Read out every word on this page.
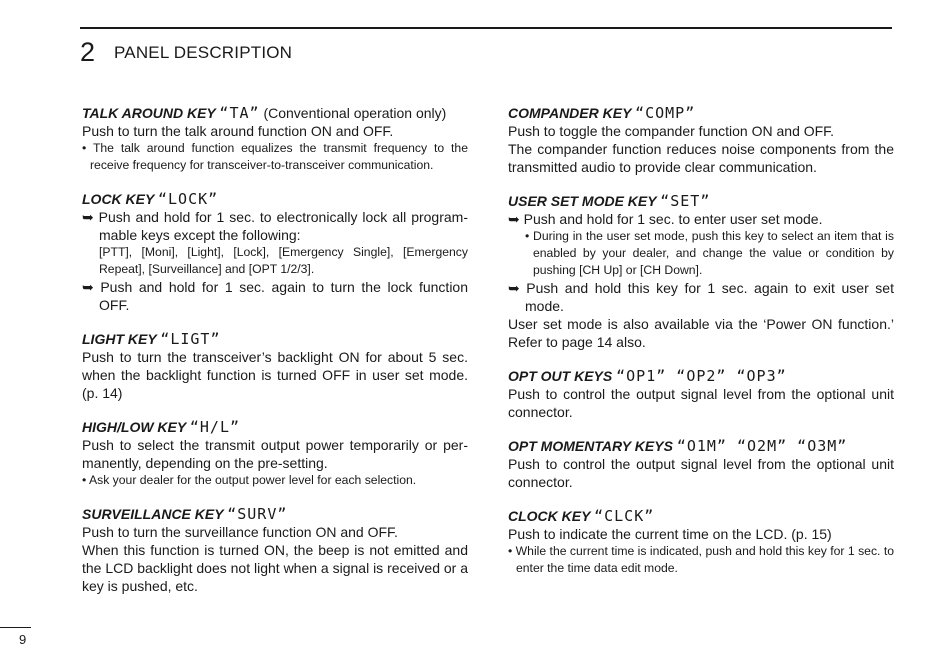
2 PANEL DESCRIPTION
TALK AROUND KEY “TA” (Conventional operation only)
Push to turn the talk around function ON and OFF.
• The talk around function equalizes the transmit frequency to the receive frequency for transceiver-to-transceiver communication.
LOCK KEY “LOCK”
➥ Push and hold for 1 sec. to electronically lock all program-mable keys except the following:
[PTT], [Moni], [Light], [Lock], [Emergency Single], [Emergency Repeat], [Surveillance] and [OPT 1/2/3].
➥ Push and hold for 1 sec. again to turn the lock function OFF.
LIGHT KEY “LIGT”
Push to turn the transceiver’s backlight ON for about 5 sec. when the backlight function is turned OFF in user set mode. (p. 14)
HIGH/LOW KEY “H/L”
Push to select the transmit output power temporarily or per-manently, depending on the pre-setting.
• Ask your dealer for the output power level for each selection.
SURVEILLANCE KEY “SURV”
Push to turn the surveillance function ON and OFF.
When this function is turned ON, the beep is not emitted and the LCD backlight does not light when a signal is received or a key is pushed, etc.
COMPANDER KEY “COMP”
Push to toggle the compander function ON and OFF.
The compander function reduces noise components from the transmitted audio to provide clear communication.
USER SET MODE KEY “SET”
➥ Push and hold for 1 sec. to enter user set mode.
• During in the user set mode, push this key to select an item that is enabled by your dealer, and change the value or condition by pushing [CH Up] or [CH Down].
➥ Push and hold this key for 1 sec. again to exit user set mode.
User set mode is also available via the ‘Power ON function.’ Refer to page 14 also.
OPT OUT KEYS “OP1” “OP2” “OP3”
Push to control the output signal level from the optional unit connector.
OPT MOMENTARY KEYS “O1M” “O2M” “O3M”
Push to control the output signal level from the optional unit connector.
CLOCK KEY “CLCK”
Push to indicate the current time on the LCD. (p. 15)
• While the current time is indicated, push and hold this key for 1 sec. to enter the time data edit mode.
9
